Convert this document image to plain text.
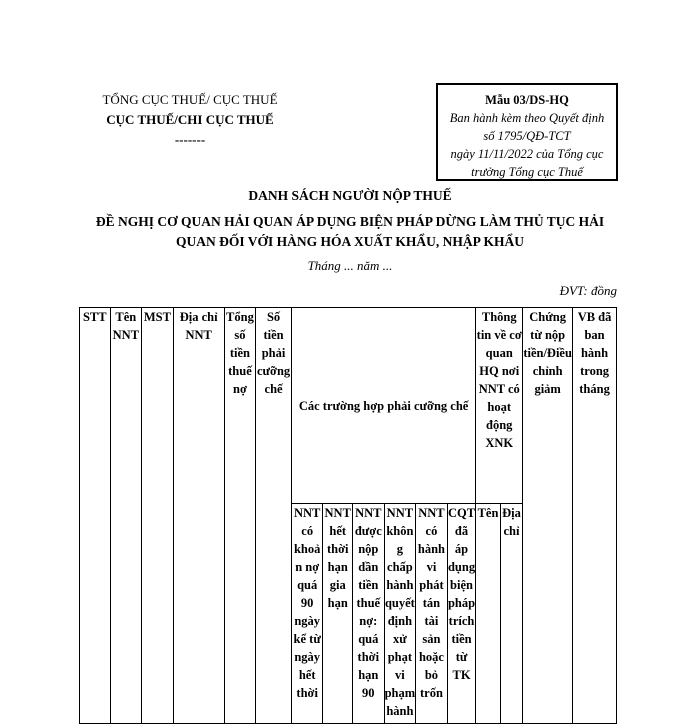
TỔNG CỤC THUẾ/ CỤC THUẾ
CỤC THUẾ/CHI CỤC THUẾ
-------
Mẫu 03/DS-HQ
Ban hành kèm theo Quyết định
số 1795/QĐ-TCT
ngày 11/11/2022 của Tổng cục
trưởng Tổng cục Thuế
DANH SÁCH NGƯỜI NỘP THUẾ
ĐỀ NGHỊ CƠ QUAN HẢI QUAN ÁP DỤNG BIỆN PHÁP DỪNG LÀM THỦ TỤC HẢI QUAN ĐỐI VỚI HÀNG HÓA XUẤT KHẨU, NHẬP KHẨU
Tháng ... năm ...
ĐVT: đồng
STT	Tên NNT	MST	Địa chỉ NNT	Tổng số tiền thuế nợ	Số tiền phải cưỡng chế	Các trường hợp phải cưỡng chế						Thông tin về cơ quan HQ nơi NNT có hoạt động XNK		Chứng từ nộp tiền/Điều chỉnh giảm	VB đã ban hành trong tháng
						NNT có khoản nợ quá 90 ngày kể từ ngày hết thời	NNT hết thời hạn gia hạn	NNT được nộp dần tiền thuế nợ: quá thời hạn 90	NNT không chấp hành quyết định xử phạt vi phạm hành	NNT có hành vi phát tán tài sản hoặc bỏ trốn	CQT đã áp dụng biện pháp trích tiền từ TK	Tên	Địa chỉ		
